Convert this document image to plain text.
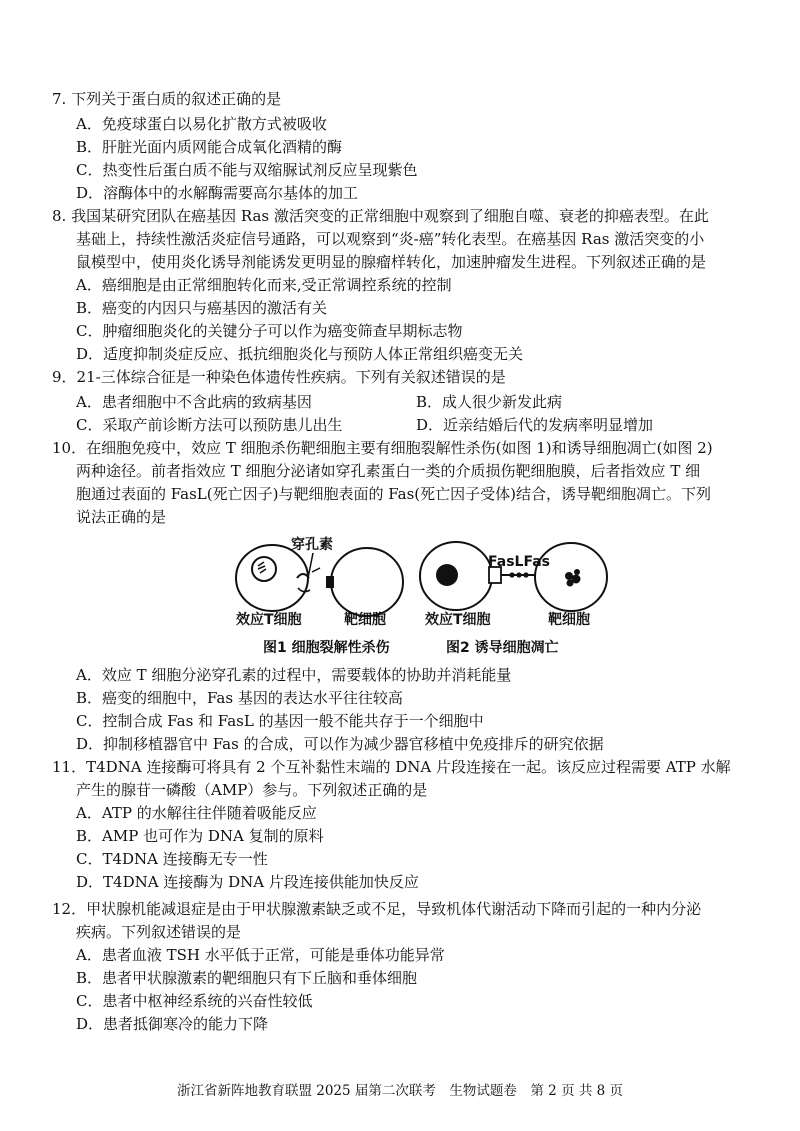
7. 下列关于蛋白质的叙述正确的是
A．免疫球蛋白以易化扩散方式被吸收
B．肝脏光面内质网能合成氧化酒精的酶
C．热变性后蛋白质不能与双缩脲试剂反应呈现紫色
D．溶酶体中的水解酶需要高尔基体的加工
8. 我国某研究团队在癌基因 Ras 激活突变的正常细胞中观察到了细胞自噬、衰老的抑癌表型。在此
基础上，持续性激活炎症信号通路，可以观察到“炎-癌”转化表型。在癌基因 Ras 激活突变的小
鼠模型中，使用炎化诱导剂能诱发更明显的腺瘤样转化，加速肿瘤发生进程。下列叙述正确的是
A．癌细胞是由正常细胞转化而来,受正常调控系统的控制
B．癌变的内因只与癌基因的激活有关
C．肿瘤细胞炎化的关键分子可以作为癌变筛查早期标志物
D．适度抑制炎症反应、抵抗细胞炎化与预防人体正常组织癌变无关
9．21-三体综合征是一种染色体遗传性疾病。下列有关叙述错误的是
A．患者细胞中不含此病的致病基因	B．成人很少新发此病
C．采取产前诊断方法可以预防患儿出生	D．近亲结婚后代的发病率明显增加
10．在细胞免疫中，效应 T 细胞杀伤靶细胞主要有细胞裂解性杀伤(如图 1)和诱导细胞凋亡(如图 2)
两种途径。前者指效应 T 细胞分泌诸如穿孔素蛋白一类的介质损伤靶细胞膜，后者指效应 T 细
胞通过表面的 FasL(死亡因子)与靶细胞表面的 Fas(死亡因子受体)结合，诱导靶细胞凋亡。下列
说法正确的是
穿孔素
效应T细胞	靶细胞
图1 细胞裂解性杀伤
FasLFas
效应T细胞	靶细胞
图2 诱导细胞凋亡
A．效应 T 细胞分泌穿孔素的过程中，需要载体的协助并消耗能量
B．癌变的细胞中，Fas 基因的表达水平往往较高
C．控制合成 Fas 和 FasL 的基因一般不能共存于一个细胞中
D．抑制移植器官中 Fas 的合成，可以作为减少器官移植中免疫排斥的研究依据
11．T4DNA 连接酶可将具有 2 个互补黏性末端的 DNA 片段连接在一起。该反应过程需要 ATP 水解
产生的腺苷一磷酸（AMP）参与。下列叙述正确的是
A．ATP 的水解往往伴随着吸能反应
B．AMP 也可作为 DNA 复制的原料
C．T4DNA 连接酶无专一性
D．T4DNA 连接酶为 DNA 片段连接供能加快反应
12．甲状腺机能减退症是由于甲状腺激素缺乏或不足，导致机体代谢活动下降而引起的一种内分泌
疾病。下列叙述错误的是
A．患者血液 TSH 水平低于正常，可能是垂体功能异常
B．患者甲状腺激素的靶细胞只有下丘脑和垂体细胞
C．患者中枢神经系统的兴奋性较低
D．患者抵御寒冷的能力下降
浙江省新阵地教育联盟 2025 届第二次联考　生物试题卷　第 2 页 共 8 页
